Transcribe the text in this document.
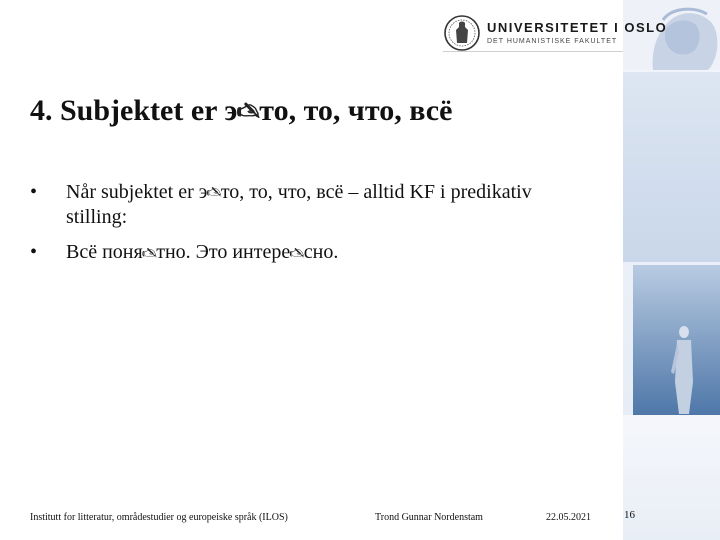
UNIVERSITETET I OSLO
DET HUMANISTISKE FAKULTET
4. Subjektet er э🖎то, то, что, всё
• Når subjektet er э🖎то, то, что, всё – alltid KF i predikativ stilling:
• Всё поня🖎тно. Это интере🖎сно.
Institutt for litteratur, områdestudier og europeiske språk (ILOS)	Trond Gunnar Nordenstam	22.05.2021	16
